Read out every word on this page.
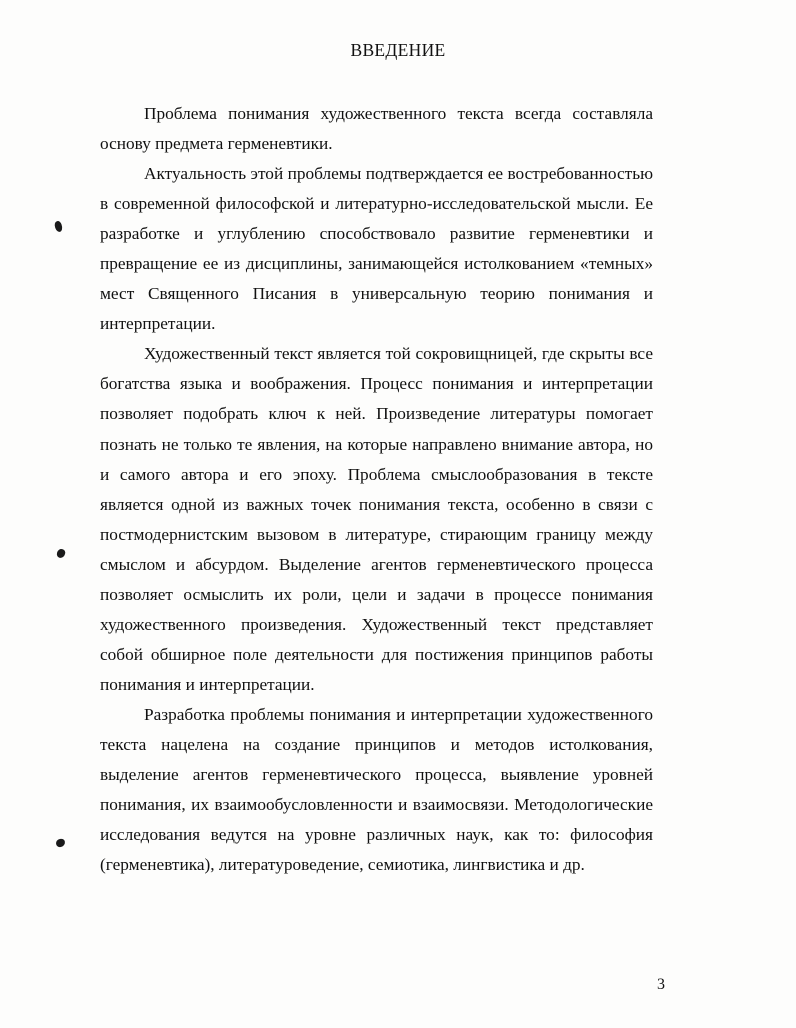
ВВЕДЕНИЕ

Проблема понимания художественного текста всегда составляла основу предмета герменевтики.

Актуальность этой проблемы подтверждается ее востребованностью в современной философской и литературно-исследовательской мысли. Ее разработке и углублению способствовало развитие герменевтики и превращение ее из дисциплины, занимающейся истолкованием «темных» мест Священного Писания в универсальную теорию понимания и интерпретации.

Художественный текст является той сокровищницей, где скрыты все богатства языка и воображения. Процесс понимания и интерпретации позволяет подобрать ключ к ней. Произведение литературы помогает познать не только те явления, на которые направлено внимание автора, но и самого автора и его эпоху. Проблема смыслообразования в тексте является одной из важных точек понимания текста, особенно в связи с постмодернистским вызовом в литературе, стирающим границу между смыслом и абсурдом. Выделение агентов герменевтического процесса позволяет осмыслить их роли, цели и задачи в процессе понимания художественного произведения. Художественный текст представляет собой обширное поле деятельности для постижения принципов работы понимания и интерпретации.

Разработка проблемы понимания и интерпретации художественного текста нацелена на создание принципов и методов истолкования, выделение агентов герменевтического процесса, выявление уровней понимания, их взаимообусловленности и взаимосвязи. Методологические исследования ведутся на уровне различных наук, как то: философия (герменевтика), литературоведение, семиотика, лингвистика и др.

3
